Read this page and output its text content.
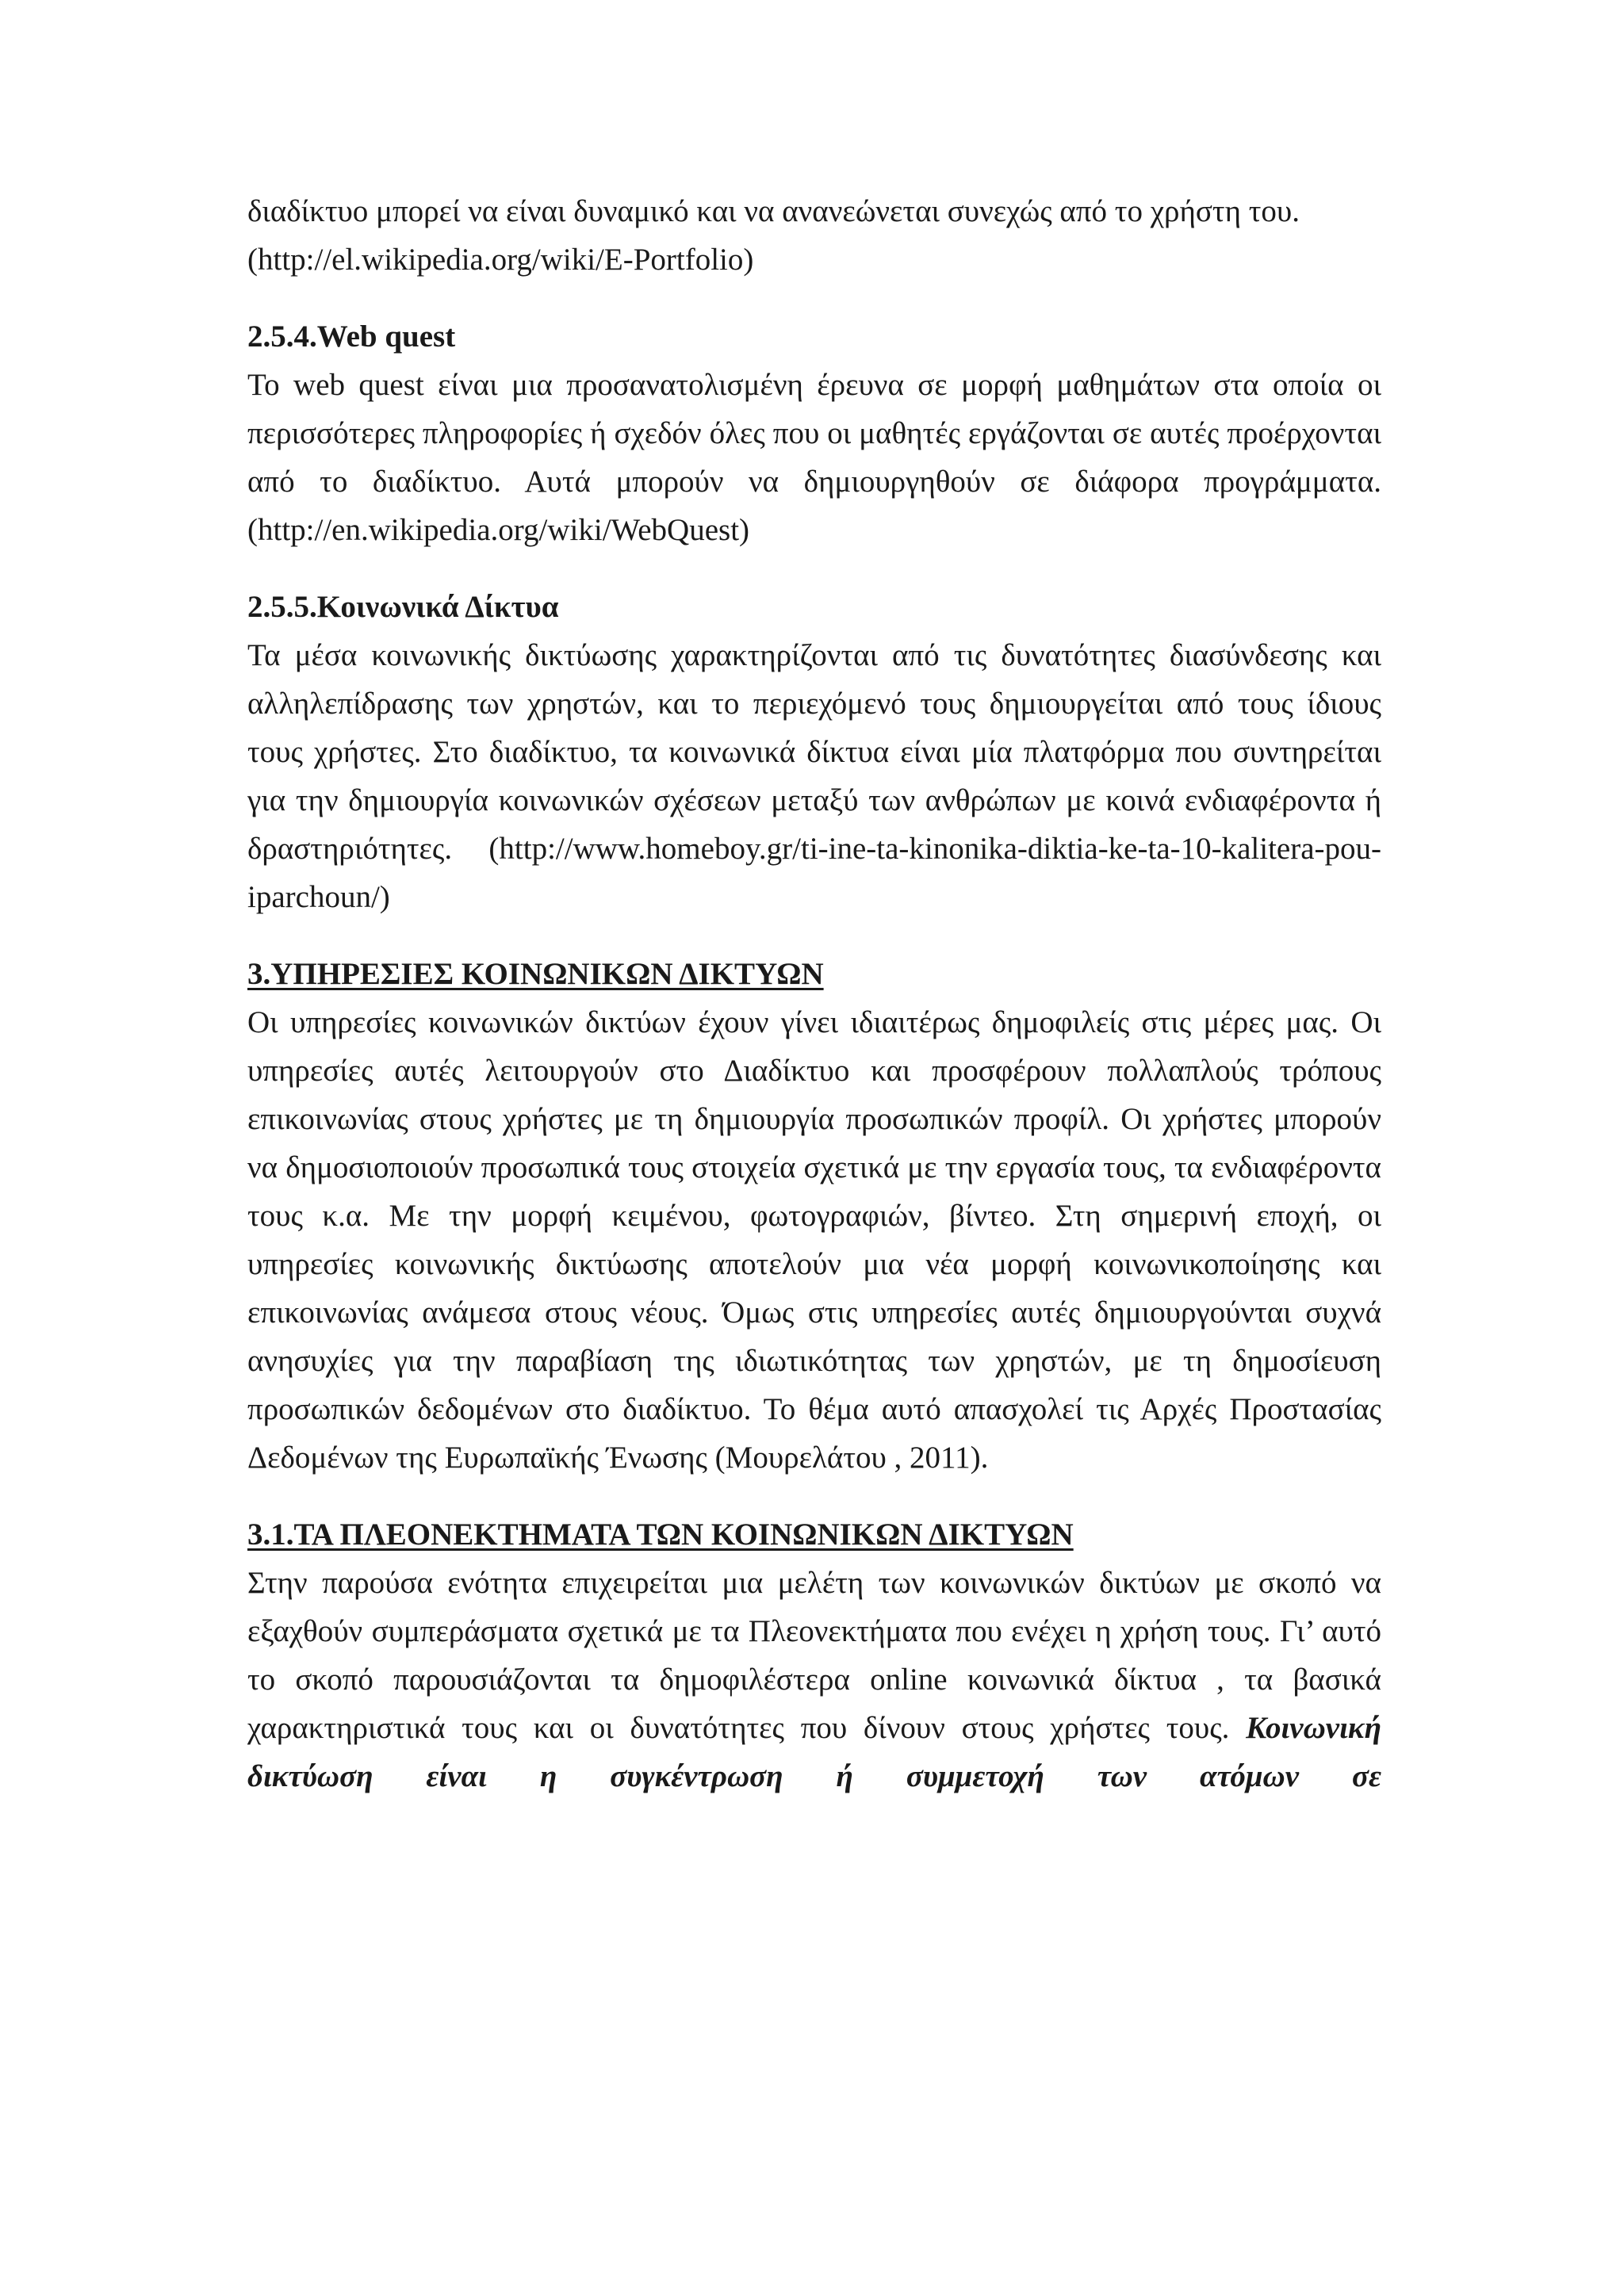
διαδίκτυο μπορεί να είναι δυναμικό και να ανανεώνεται συνεχώς από το χρήστη του.

(http://el.wikipedia.org/wiki/E-Portfolio)

2.5.4.Web quest

Το web quest είναι μια προσανατολισμένη έρευνα σε μορφή μαθημάτων στα οποία οι περισσότερες πληροφορίες ή σχεδόν όλες που οι μαθητές εργάζονται σε αυτές προέρχονται από το διαδίκτυο. Αυτά μπορούν να δημιουργηθούν σε διάφορα προγράμματα.(http://en.wikipedia.org/wiki/WebQuest)

2.5.5.Κοινωνικά Δίκτυα

Τα μέσα κοινωνικής δικτύωσης χαρακτηρίζονται από τις δυνατότητες διασύνδεσης και αλληλεπίδρασης των χρηστών, και το περιεχόμενό τους δημιουργείται από τους ίδιους τους χρήστες. Στο διαδίκτυο, τα κοινωνικά δίκτυα είναι μία πλατφόρμα που συντηρείται για την δημιουργία κοινωνικών σχέσεων μεταξύ των ανθρώπων με κοινά ενδιαφέροντα ή δραστηριότητες. (http://www.homeboy.gr/ti-ine-ta-kinonika-diktia-ke-ta-10-kalitera-pou-iparchoun/)

3.ΥΠΗΡΕΣΙΕΣ ΚΟΙΝΩΝΙΚΩΝ ΔΙΚΤΥΩΝ

Οι υπηρεσίες κοινωνικών δικτύων έχουν γίνει ιδιαιτέρως δημοφιλείς στις μέρες μας. Οι υπηρεσίες αυτές λειτουργούν στο Διαδίκτυο και προσφέρουν πολλαπλούς τρόπους επικοινωνίας στους χρήστες με τη δημιουργία προσωπικών προφίλ. Οι χρήστες μπορούν να δημοσιοποιούν προσωπικά τους στοιχεία σχετικά με την εργασία τους, τα ενδιαφέροντα τους κ.α. Με την μορφή κειμένου, φωτογραφιών, βίντεο. Στη σημερινή εποχή, οι υπηρεσίες κοινωνικής δικτύωσης αποτελούν μια νέα μορφή κοινωνικοποίησης και επικοινωνίας ανάμεσα στους νέους. Όμως στις υπηρεσίες αυτές δημιουργούνται συχνά ανησυχίες για την παραβίαση της ιδιωτικότητας των χρηστών, με τη δημοσίευση προσωπικών δεδομένων στο διαδίκτυο. Το θέμα αυτό απασχολεί τις Αρχές Προστασίας Δεδομένων της Ευρωπαϊκής Ένωσης (Μουρελάτου , 2011).

3.1.ΤΑ ΠΛΕΟΝΕΚΤΗΜΑΤΑ ΤΩΝ ΚΟΙΝΩΝΙΚΩΝ ΔΙΚΤΥΩΝ

Στην παρούσα ενότητα επιχειρείται μια μελέτη των κοινωνικών δικτύων με σκοπό να εξαχθούν συμπεράσματα σχετικά με τα Πλεονεκτήματα που ενέχει η χρήση τους. Γι’ αυτό το σκοπό παρουσιάζονται τα δημοφιλέστερα online κοινωνικά δίκτυα , τα βασικά χαρακτηριστικά τους και οι δυνατότητες που δίνουν στους χρήστες τους. Κοινωνική δικτύωση είναι η συγκέντρωση ή συμμετοχή των ατόμων σε
